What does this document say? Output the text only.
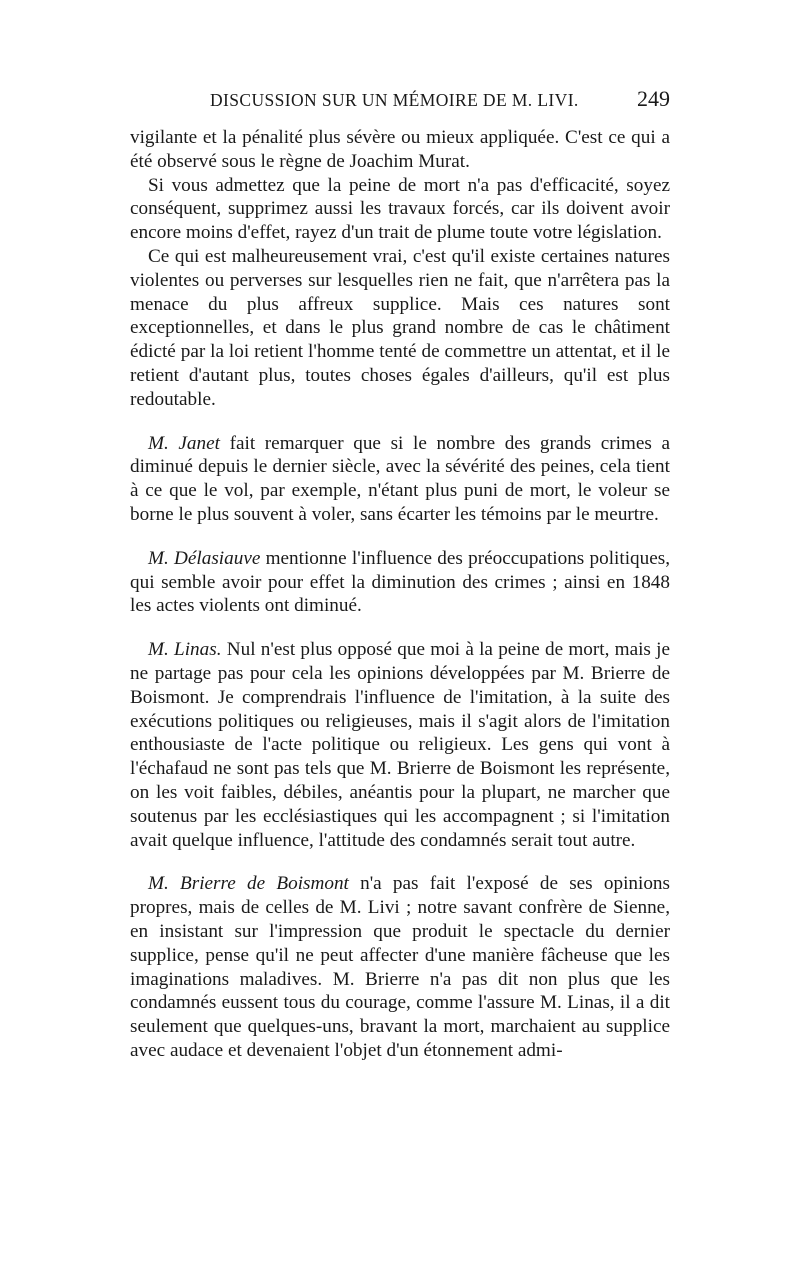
DISCUSSION SUR UN MÉMOIRE DE M. LIVI.	249

vigilante et la pénalité plus sévère ou mieux appliquée. C'est ce qui a été observé sous le règne de Joachim Murat.

Si vous admettez que la peine de mort n'a pas d'efficacité, soyez conséquent, supprimez aussi les travaux forcés, car ils doivent avoir encore moins d'effet, rayez d'un trait de plume toute votre législation.

Ce qui est malheureusement vrai, c'est qu'il existe certaines natures violentes ou perverses sur lesquelles rien ne fait, que n'arrêtera pas la menace du plus affreux supplice. Mais ces natures sont exceptionnelles, et dans le plus grand nombre de cas le châtiment édicté par la loi retient l'homme tenté de commettre un attentat, et il le retient d'autant plus, toutes choses égales d'ailleurs, qu'il est plus redoutable.

M. Janet fait remarquer que si le nombre des grands crimes a diminué depuis le dernier siècle, avec la sévérité des peines, cela tient à ce que le vol, par exemple, n'étant plus puni de mort, le voleur se borne le plus souvent à voler, sans écarter les témoins par le meurtre.

M. Délasiauve mentionne l'influence des préoccupations politiques, qui semble avoir pour effet la diminution des crimes ; ainsi en 1848 les actes violents ont diminué.

M. Linas. Nul n'est plus opposé que moi à la peine de mort, mais je ne partage pas pour cela les opinions développées par M. Brierre de Boismont. Je comprendrais l'influence de l'imitation, à la suite des exécutions politiques ou religieuses, mais il s'agit alors de l'imitation enthousiaste de l'acte politique ou religieux. Les gens qui vont à l'échafaud ne sont pas tels que M. Brierre de Boismont les représente, on les voit faibles, débiles, anéantis pour la plupart, ne marcher que soutenus par les ecclésiastiques qui les accompagnent ; si l'imitation avait quelque influence, l'attitude des condamnés serait tout autre.

M. Brierre de Boismont n'a pas fait l'exposé de ses opinions propres, mais de celles de M. Livi ; notre savant confrère de Sienne, en insistant sur l'impression que produit le spectacle du dernier supplice, pense qu'il ne peut affecter d'une manière fâcheuse que les imaginations maladives. M. Brierre n'a pas dit non plus que les condamnés eussent tous du courage, comme l'assure M. Linas, il a dit seulement que quelques-uns, bravant la mort, marchaient au supplice avec audace et devenaient l'objet d'un étonnement admi-
